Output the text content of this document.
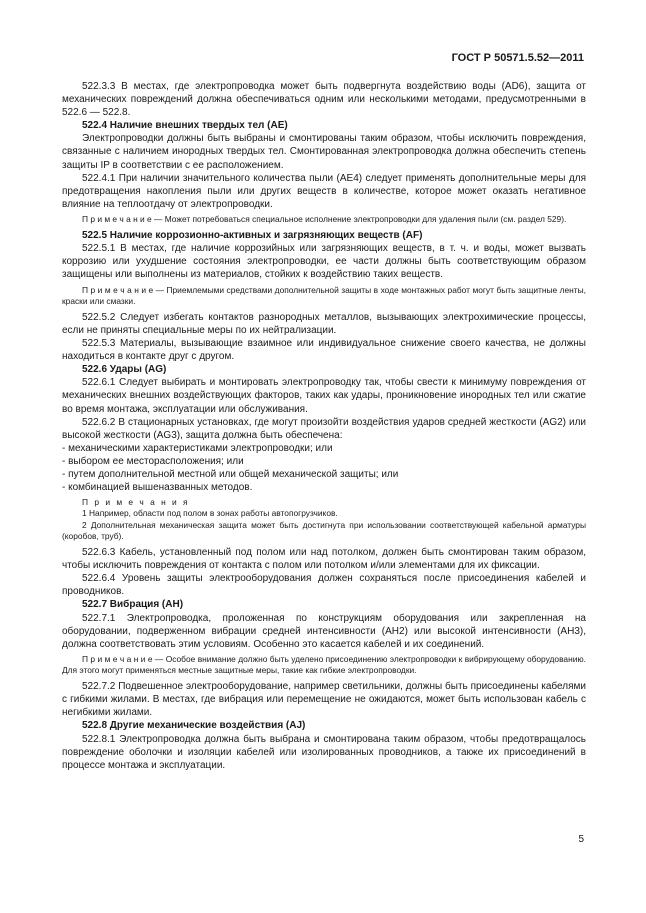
ГОСТ Р 50571.5.52—2011

522.3.3 В местах, где электропроводка может быть подвергнута воздействию воды (AD6), защита от механических повреждений должна обеспечиваться одним или несколькими методами, предусмотренными в 522.6 — 522.8.

522.4 Наличие внешних твердых тел (AE)

Электропроводки должны быть выбраны и смонтированы таким образом, чтобы исключить повреждения, связанные с наличием инородных твердых тел. Смонтированная электропроводка должна обеспечить степень защиты IP в соответствии с ее расположением.

522.4.1 При наличии значительного количества пыли (AE4) следует применять дополнительные меры для предотвращения накопления пыли или других веществ в количестве, которое может оказать негативное влияние на теплоотдачу от электропроводки.

П р и м е ч а н и е — Может потребоваться специальное исполнение электропроводки для удаления пыли (см. раздел 529).

522.5 Наличие коррозионно-активных и загрязняющих веществ (AF)

522.5.1 В местах, где наличие коррозийных или загрязняющих веществ, в т. ч. и воды, может вызвать коррозию или ухудшение состояния электропроводки, ее части должны быть соответствующим образом защищены или выполнены из материалов, стойких к воздействию таких веществ.

П р и м е ч а н и е — Приемлемыми средствами дополнительной защиты в ходе монтажных работ могут быть защитные ленты, краски или смазки.

522.5.2 Следует избегать контактов разнородных металлов, вызывающих электрохимические процессы, если не приняты специальные меры по их нейтрализации.

522.5.3 Материалы, вызывающие взаимное или индивидуальное снижение своего качества, не должны находиться в контакте друг с другом.

522.6 Удары (AG)

522.6.1 Следует выбирать и монтировать электропроводку так, чтобы свести к минимуму повреждения от механических внешних воздействующих факторов, таких как удары, проникновение инородных тел или сжатие во время монтажа, эксплуатации или обслуживания.

522.6.2 В стационарных установках, где могут произойти воздействия ударов средней жесткости (AG2) или высокой жесткости (AG3), защита должна быть обеспечена:

- механическими характеристиками электропроводки; или

- выбором ее месторасположения; или

- путем дополнительной местной или общей механической защиты; или

- комбинацией вышеназванных методов.

П р и м е ч а н и я

1 Например, области под полом в зонах работы автопогрузчиков.

2 Дополнительная механическая защита может быть достигнута при использовании соответствующей кабельной арматуры (коробов, труб).

522.6.3 Кабель, установленный под полом или над потолком, должен быть смонтирован таким образом, чтобы исключить повреждения от контакта с полом или потолком и/или элементами для их фиксации.

522.6.4 Уровень защиты электрооборудования должен сохраняться после присоединения кабелей и проводников.

522.7 Вибрация (AH)

522.7.1 Электропроводка, проложенная по конструкциям оборудования или закрепленная на оборудовании, подверженном вибрации средней интенсивности (AH2) или высокой интенсивности (AH3), должна соответствовать этим условиям. Особенно это касается кабелей и их соединений.

П р и м е ч а н и е — Особое внимание должно быть уделено присоединению электропроводки к вибрирующему оборудованию. Для этого могут применяться местные защитные меры, такие как гибкие электропроводки.

522.7.2 Подвешенное электрооборудование, например светильники, должны быть присоединены кабелями с гибкими жилами. В местах, где вибрация или перемещение не ожидаются, может быть использован кабель с негибкими жилами.

522.8 Другие механические воздействия (AJ)

522.8.1 Электропроводка должна быть выбрана и смонтирована таким образом, чтобы предотвращалось повреждение оболочки и изоляции кабелей или изолированных проводников, а также их присоединений в процессе монтажа и эксплуатации.

5
